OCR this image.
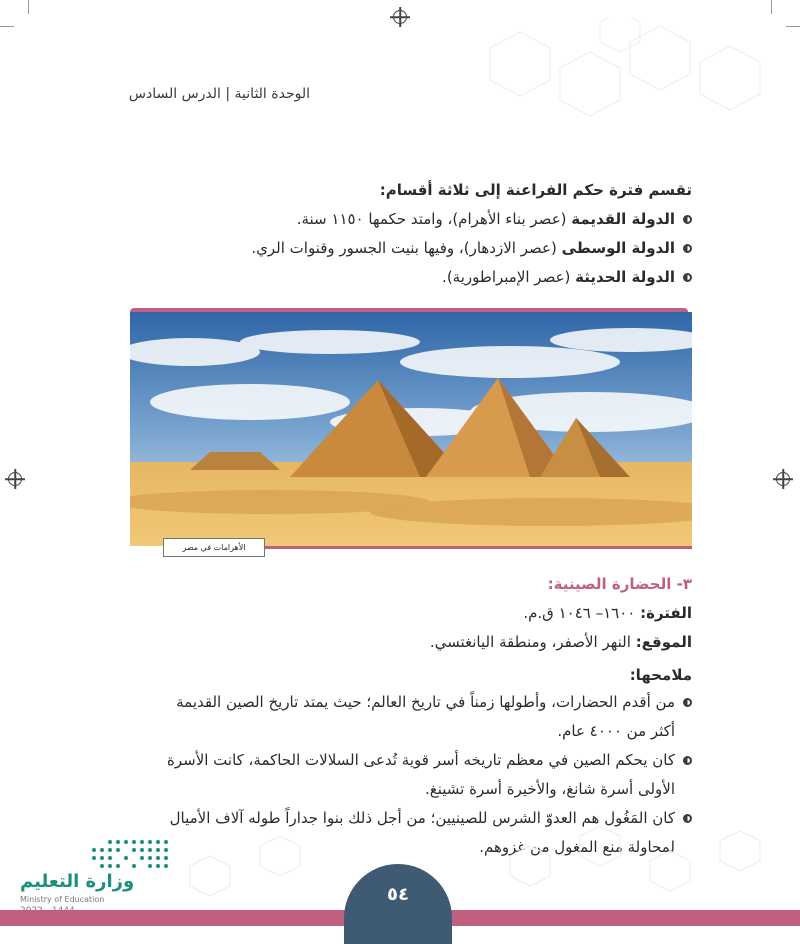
الوحدة الثانية | الدرس السادس
تقسم فترة حكم الفراعنة إلى ثلاثة أقسام:
الدولة القديمة (عصر بناء الأهرام)، وامتد حكمها ١١٥٠ سنة.
الدولة الوسطى (عصر الازدهار)، وفيها بنيت الجسور وقنوات الري.
الدولة الحديثة (عصر الإمبراطورية).
الأهرامات في مصر
٣- الحضارة الصينية:
الفترة: ١٦٠٠– ١٠٤٦ ق.م.
الموقع: النهر الأصفر، ومنطقة اليانغتسي.
ملامحها:
من أقدم الحضارات، وأطولها زمناً في تاريخ العالم؛ حيث يمتد تاريخ الصين القديمة
أكثر من ٤٠٠٠ عام.
كان يحكم الصين في معظم تاريخه أسر قوية تُدعى السلالات الحاكمة، كانت الأسرة
الأولى أسرة شانغ، والأخيرة أسرة تشينغ.
كان المَغُول هم العدوّ الشرس للصينيين؛ من أجل ذلك بنوا جداراً طوله آلاف الأميال
لمحاولة منع المغول من غزوهم.
وزارة التعليم
Ministry of Education	٥٤
